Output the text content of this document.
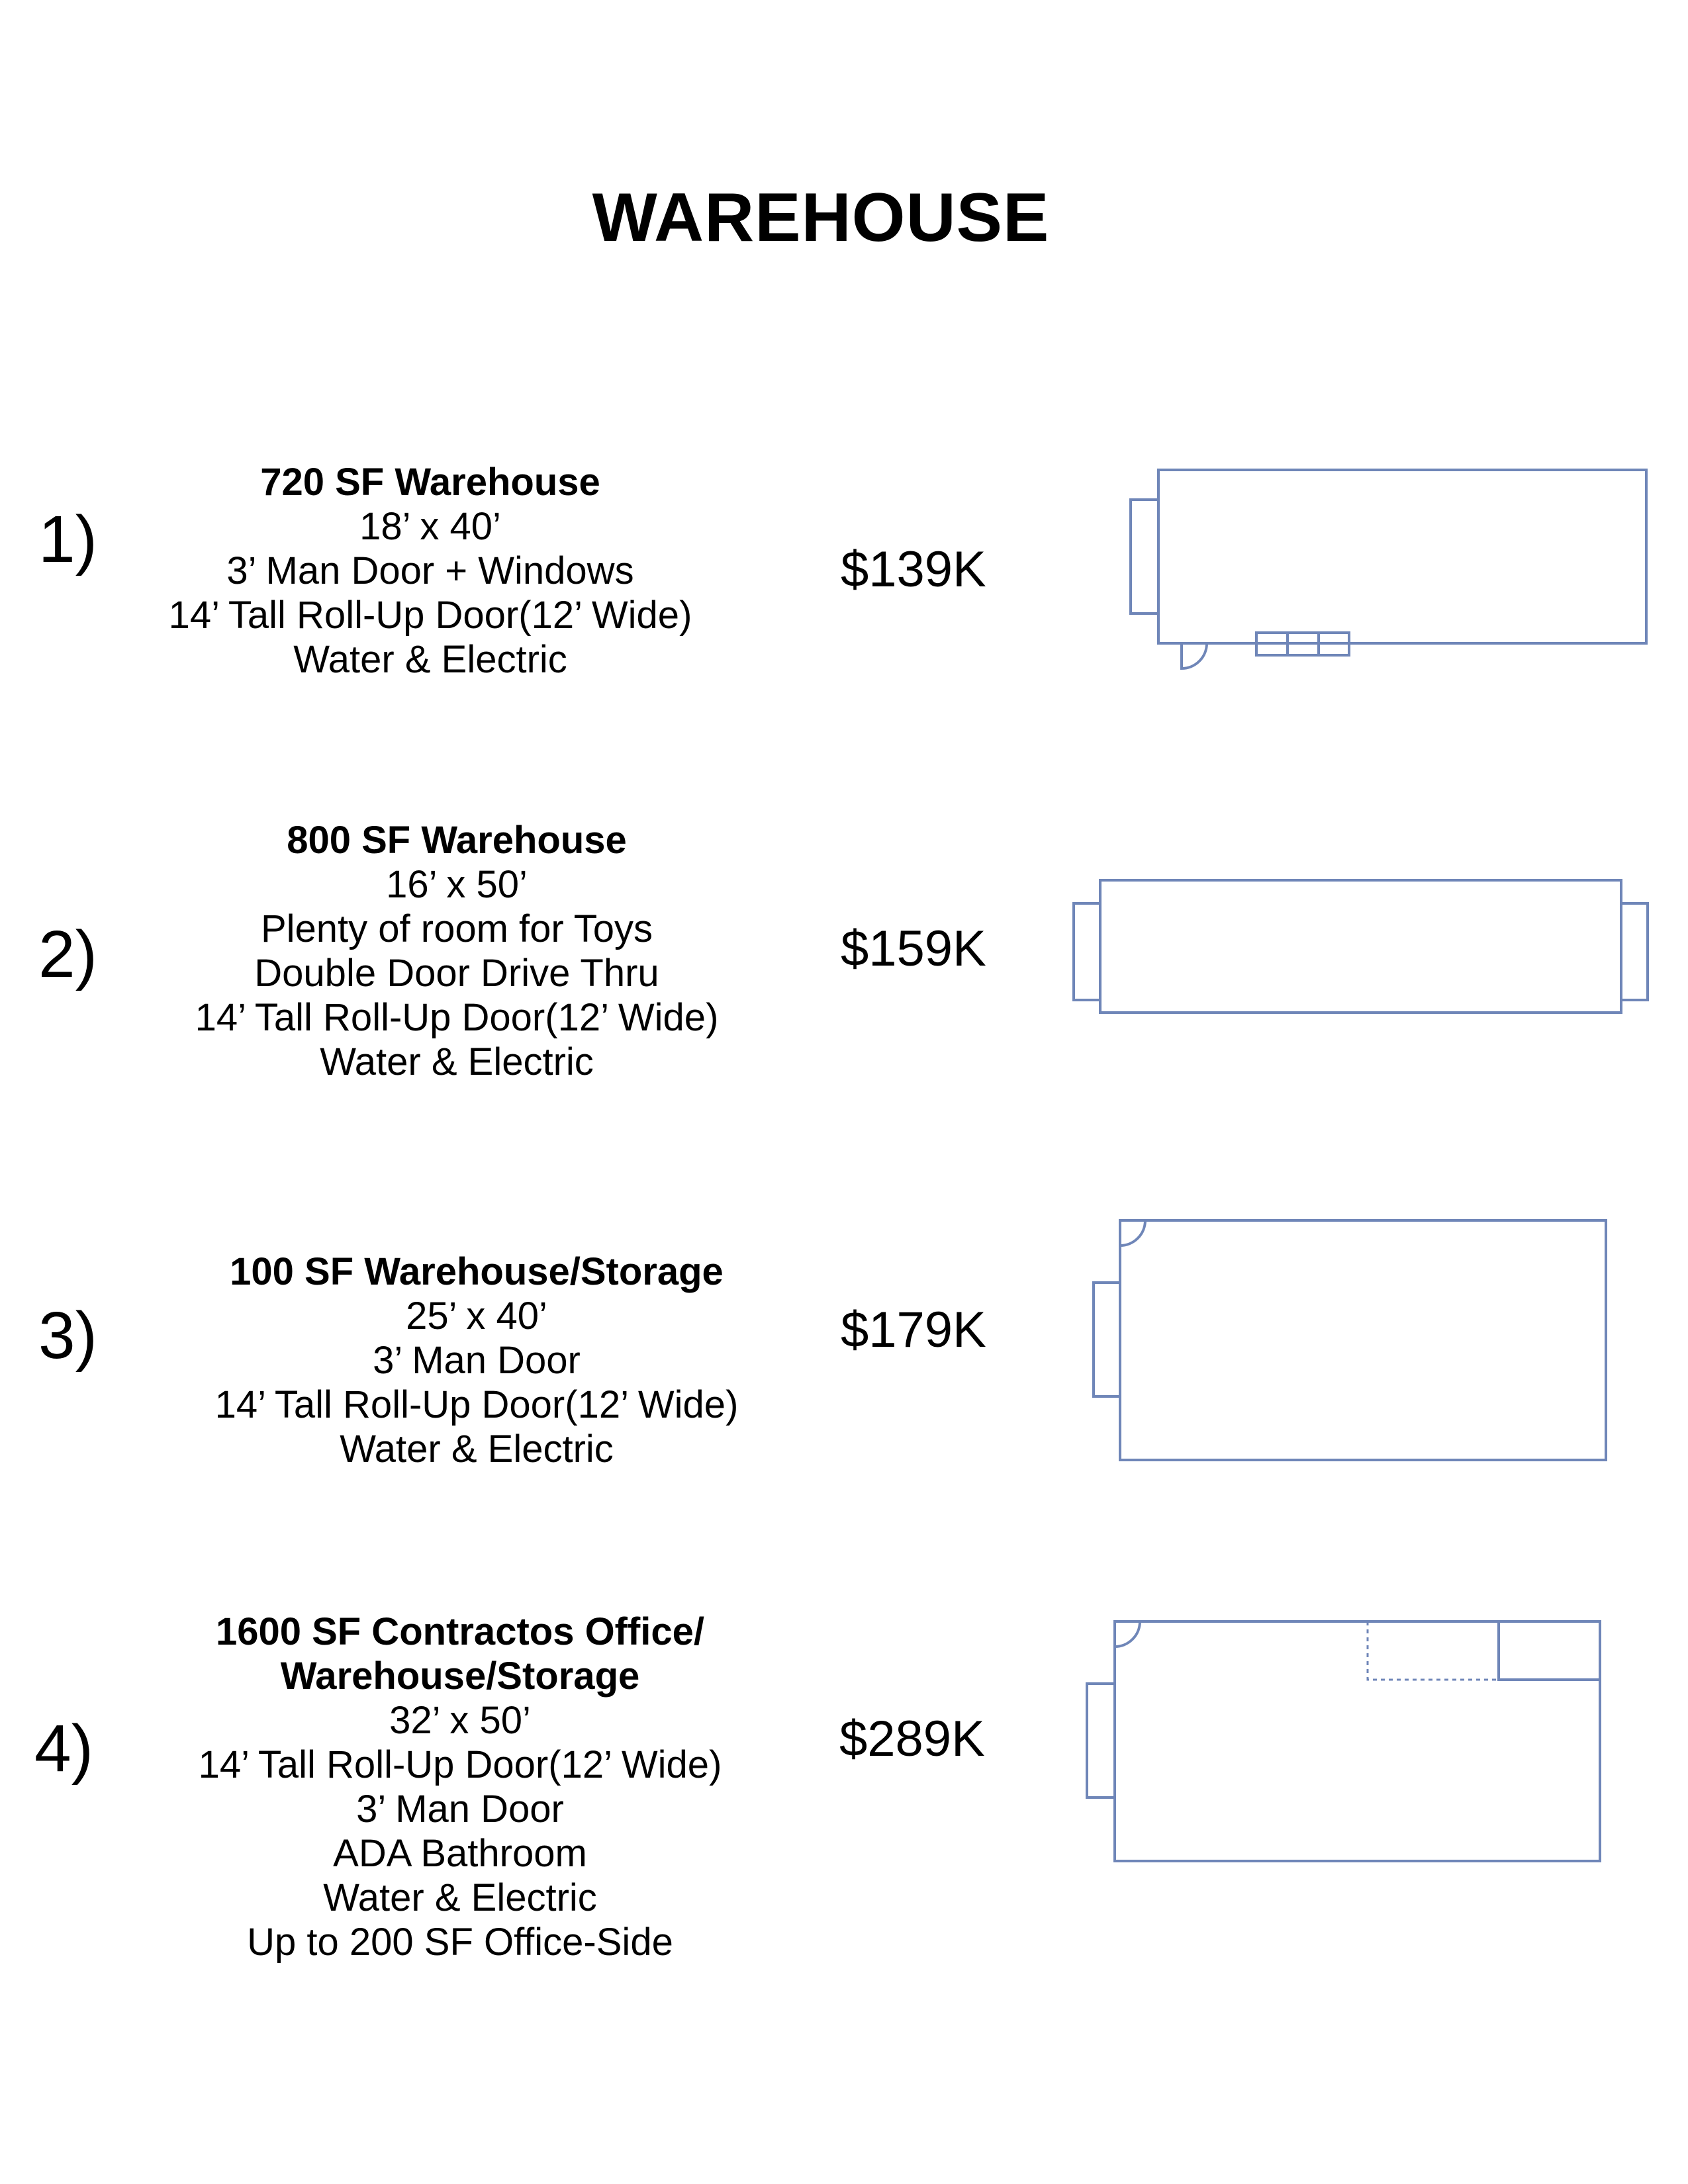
WAREHOUSE
1)
720 SF Warehouse
18’ x 40’
3’ Man Door + Windows
14’ Tall Roll-Up Door(12’ Wide)
Water & Electric
$139K
2)
800 SF Warehouse
16’ x 50’
Plenty of room for Toys
Double Door Drive Thru
14’ Tall Roll-Up Door(12’ Wide)
Water & Electric
$159K
3)
100 SF Warehouse/Storage
25’ x 40’
3’ Man Door
14’ Tall Roll-Up Door(12’ Wide)
Water & Electric
$179K
4)
1600 SF Contractos Office/
Warehouse/Storage
32’ x 50’
14’ Tall Roll-Up Door(12’ Wide)
3’ Man Door
ADA Bathroom
Water & Electric
Up to 200 SF Office-Side
$289K
